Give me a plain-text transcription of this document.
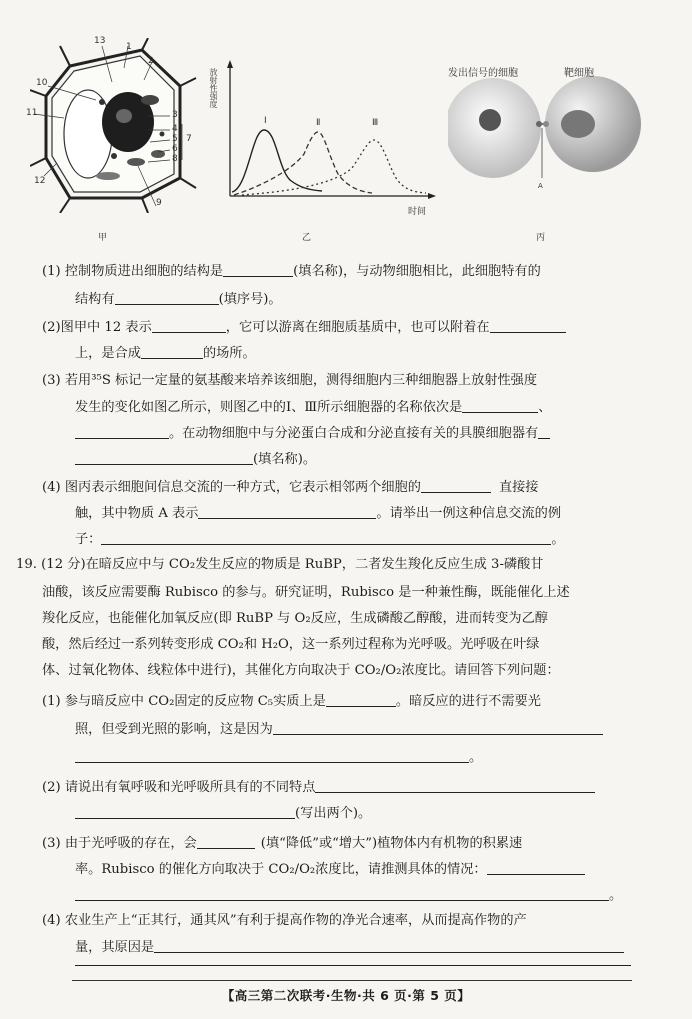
13
1
2
10
11
12
9
3
4
5
6
8
7
甲
放射性强度
Ⅰ	Ⅱ	Ⅲ
时间
乙
发出信号的细胞	靶细胞
A
丙
(1) 控制物质进出细胞的结构是	(填名称)，与动物细胞相比，此细胞特有的
结构有	(填序号)。
(2)图甲中 12 表示	，它可以游离在细胞质基质中，也可以附着在
上，是合成	的场所。
(3) 若用³⁵S 标记一定量的氨基酸来培养该细胞，测得细胞内三种细胞器上放射性强度
发生的变化如图乙所示，则图乙中的Ⅰ、Ⅲ所示细胞器的名称依次是	、
。在动物细胞中与分泌蛋白合成和分泌直接有关的具膜细胞器有
(填名称)。
(4) 图丙表示细胞间信息交流的一种方式，它表示相邻两个细胞的	直接接
触，其中物质 A 表示	。请举出一例这种信息交流的例
子：	。
19. (12 分)在暗反应中与 CO₂发生反应的物质是 RuBP，二者发生羧化反应生成 3-磷酸甘
油酸，该反应需要酶 Rubisco 的参与。研究证明，Rubisco 是一种兼性酶，既能催化上述
羧化反应，也能催化加氧反应(即 RuBP 与 O₂反应，生成磷酸乙醇酸，进而转变为乙醇
酸，然后经过一系列转变形成 CO₂和 H₂O，这一系列过程称为光呼吸。光呼吸在叶绿
体、过氧化物体、线粒体中进行)，其催化方向取决于 CO₂/O₂浓度比。请回答下列问题：
(1) 参与暗反应中 CO₂固定的反应物 C₅实质上是	。暗反应的进行不需要光
照，但受到光照的影响，这是因为
。
(2) 请说出有氧呼吸和光呼吸所具有的不同特点
(写出两个)。
(3) 由于光呼吸的存在，会	(填“降低”或“增大”)植物体内有机物的积累速
率。Rubisco 的催化方向取决于 CO₂/O₂浓度比，请推测具体的情况：
。
(4) 农业生产上“正其行，通其风”有利于提高作物的净光合速率，从而提高作物的产
量，其原因是
【高三第二次联考·生物·共 6 页·第 5 页】
